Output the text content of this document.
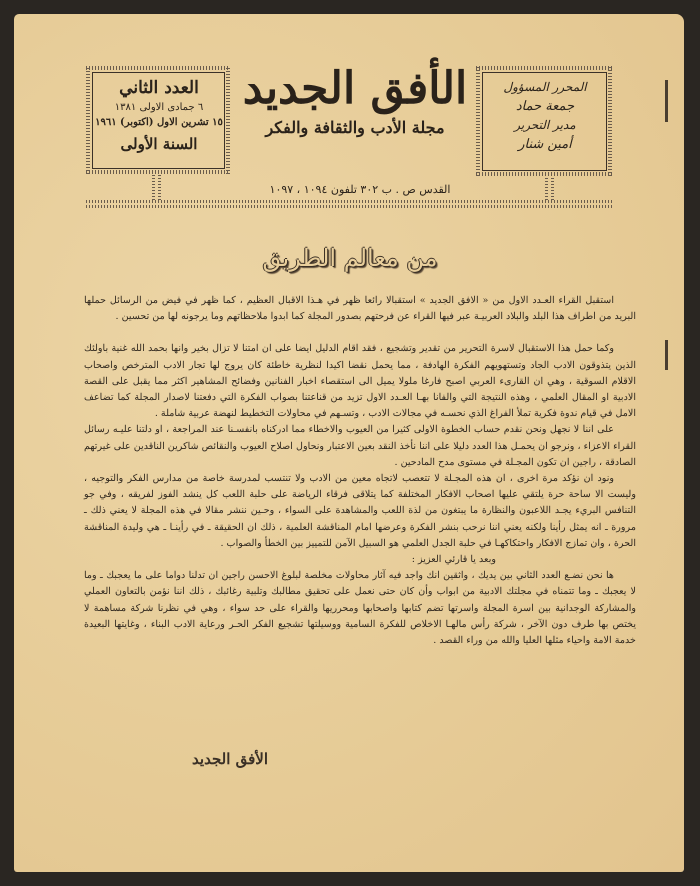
العدد الثاني
٦ جمادى الاولى ١٣٨١
١٥ تشرين الاول (اكتوبر) ١٩٦١
السنة الأولى
المحرر المسؤول
جمعة حماد
مدير التحرير
أمين شنار
الأفق الجديد
مجلة الأدب والثقافة والفكر
القدس ص . ب ٣٠٢ تلفون ١٠٩٤ ، ١٠٩٧
من معالم الطريق

استقبل القراء العـدد الاول من « الافق الجديد » استقبالا رائعا ظهر في هـذا الاقبال العظيم ، كما ظهر في فيض من الرسائل حملها البريد من اطراف هذا البلد والبلاد العربيـة عبر فيها القراء عن فرحتهم بصدور المجلة كما ابدوا ملاحظاتهم وما يرجونه لها من تحسين .

وكما حمل هذا الاستقبال لاسرة التحرير من تقدير وتشجيع ، فقد اقام الدليل ايضا على ان امتنا لا تزال بخير وانها بحمد الله غنية باولئك الذين يتذوقون الادب الجاد وتستهويهم الفكرة الهادفة ، مما يحمل نقضا اكيدا لنظرية خاطئة كان يروج لها تجار الادب المترخص واصحاب الاقلام السوقية ، وهي ان القارىء العربي اصبح فارغا ملولا يميل الى استقصاء اخبار الفنانين وفضائح المشاهير اكثر مما يقبل على القصة الادبية او المقال العلمي ، وهذه النتيجة التي والفانا بهـا العـدد الاول تزيد من قناعتنا بصواب الفكرة التي دفعتنا لاصدار المجلة كما تضاعف الامل في قيام ندوة فكرية تملأ الفراغ الذي نحسـه في مجالات الادب ، وتسـهم في محاولات التخطيط لنهضة عربية شاملة .

على اننا لا نجهل ونحن نقدم حساب الخطوة الاولى كثيرا من العيوب والاخطاء مما ادركناه بانفسـنا عند المراجعة ، او دلتنا عليـه رسائل القراء الاعزاء ، ونرجو ان يحمـل هذا العدد دليلا على اننا نأخذ النقد بعين الاعتبار ونحاول اصلاح العيوب والنقائص شاكرين الناقدين على غيرتهم الصادقة ، راجين ان تكون المجـلة في مستوى مدح المادحين .

ونود ان نؤكد مرة اخرى ، ان هذه المجـلة لا تتعصب لاتجاه معين من الادب ولا تنتسب لمدرسة خاصة من مدارس الفكر والتوجيه ، وليست الا ساحة حرة يلتقي عليها اصحاب الافكار المختلفة كما يتلاقى فرقاء الرياضة على حلبة اللعب كل ينشد الفوز لفريقه ، وفي جو التنافس البريء يجـد اللاعبون والنظارة ما يبتغون من لذة اللعب والمشاهدة على السواء ، وحـين ننشر مقالا في هذه المجلة لا يعني ذلك ـ مرورة ـ انه يمثل رأينا ولكنه يعني اننا نرحب بنشر الفكرة وعرضها امام المناقشة العلمية ، ذلك ان الحقيقة ـ في رأينـا ـ هي وليدة المناقشة الحرة ، وان تمازج الافكار واحتكاكهـا في حلبة الجدل العلمي هو السبيل الآمن للتمييز بين الخطأ والصواب .

وبعد يا قارئي العزيز :

ها نحن نضـع العدد الثاني بين يديك ، واثقين انك واجد فيه آثار محاولات مخلصة لبلوغ الاحسن راجين ان تدلنا دواما على ما يعجبك ـ وما لا يعجبك ـ وما تتمناه في مجلتك الادبية من ابواب وأن كان حتى نعمل على تحقيق مطالبك وتلبية رغائبك ، ذلك اننا نؤمن بالتعاون العملي والمشاركة الوجدانية بين اسرة المجلة واسرتها تضم كتابها واصحابها ومحرريها والقراء على حد سواء ، وهي في نظرنا شركة مساهمة لا يختص بها طرف دون الآخر ، شركة رأس مالهـا الاخلاص للفكرة السامية ووسيلتها تشجيع الفكر الحـر ورعاية الادب البناء ، وغايتها البعيدة خدمة الامة واحياء مثلها العليا والله من وراء القصد .

الأفق الجديد
